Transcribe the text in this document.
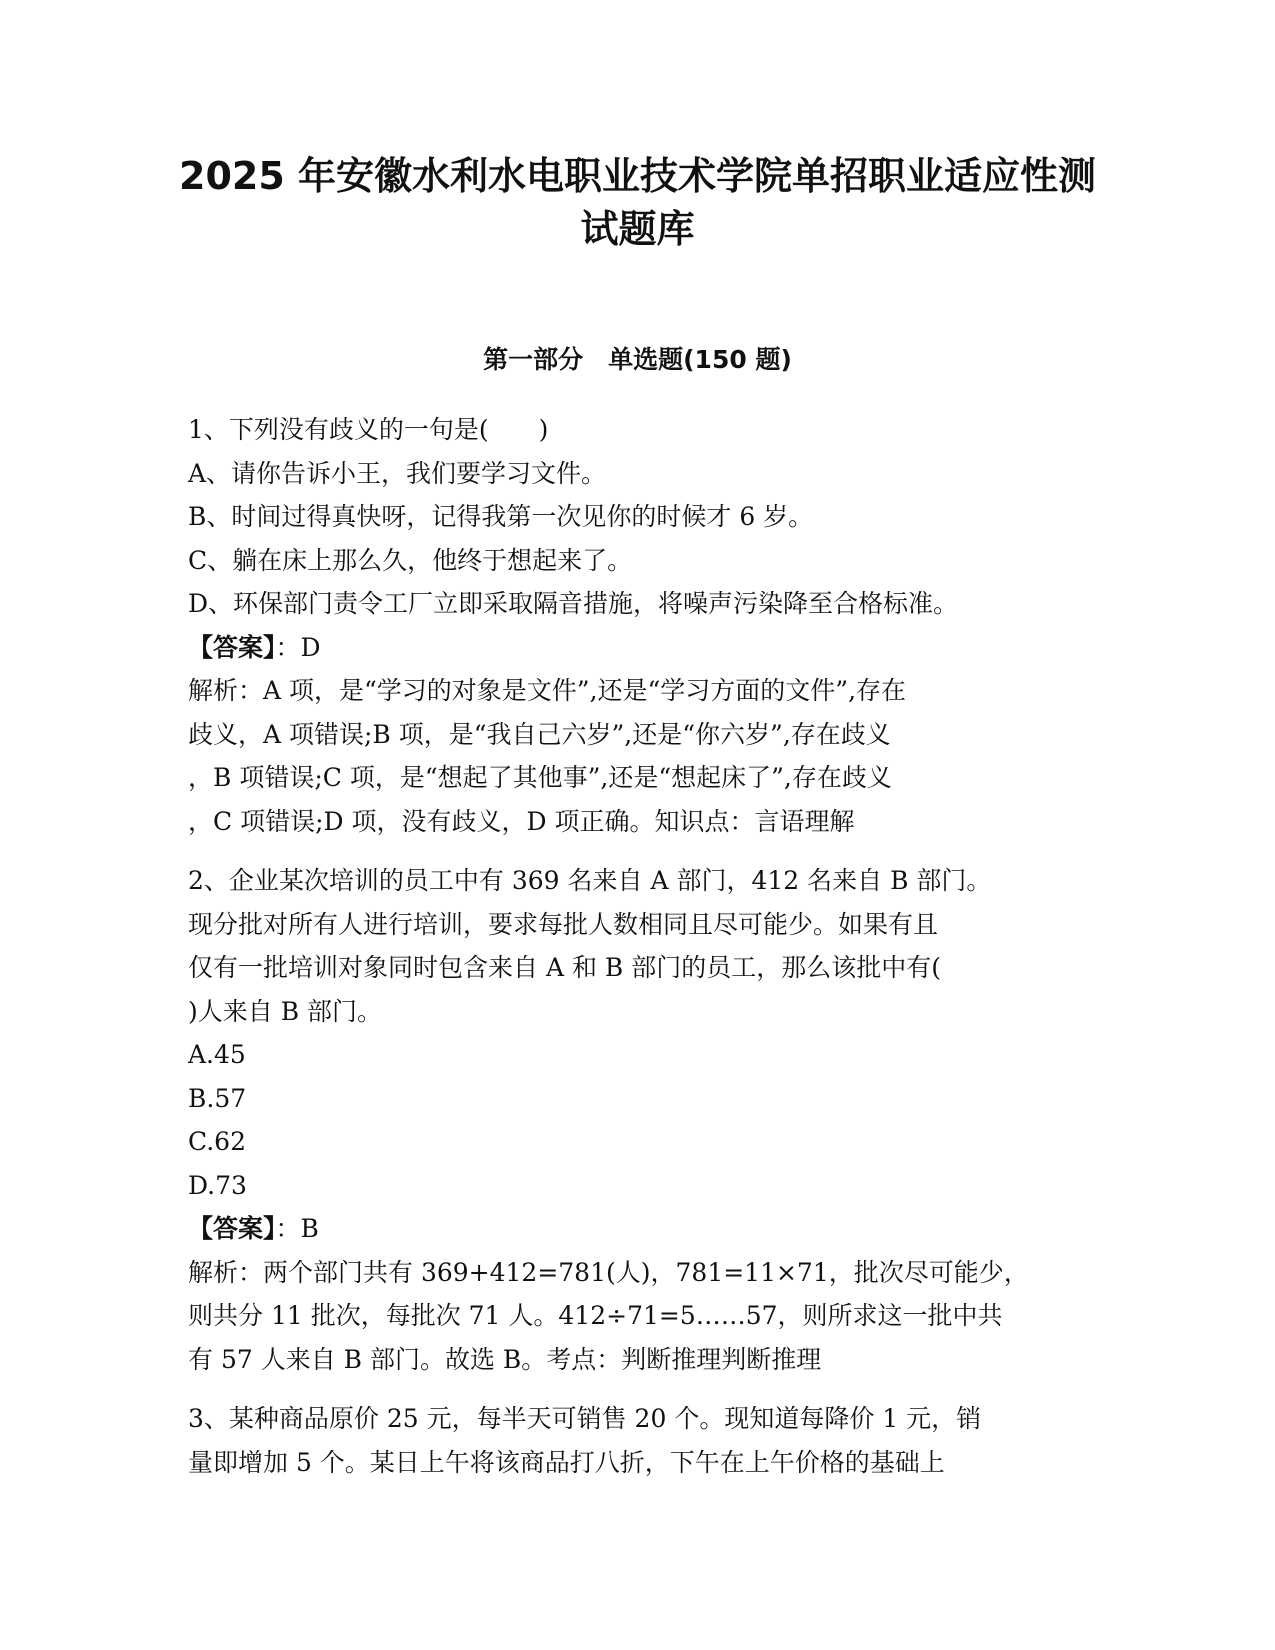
2025 年安徽水利水电职业技术学院单招职业适应性测
试题库
第一部分　单选题(150 题)
1、下列没有歧义的一句是(　　)
A、请你告诉小王，我们要学习文件。
B、时间过得真快呀，记得我第一次见你的时候才 6 岁。
C、躺在床上那么久，他终于想起来了。
D、环保部门责令工厂立即采取隔音措施，将噪声污染降至合格标准。
【答案】：D
解析：A 项，是“学习的对象是文件”,还是“学习方面的文件”,存在
歧义，A 项错误;B 项，是“我自己六岁”,还是“你六岁”,存在歧义
，B 项错误;C 项，是“想起了其他事”,还是“想起床了”,存在歧义
，C 项错误;D 项，没有歧义，D 项正确。知识点：言语理解
2、企业某次培训的员工中有 369 名来自 A 部门，412 名来自 B 部门。
现分批对所有人进行培训，要求每批人数相同且尽可能少。如果有且
仅有一批培训对象同时包含来自 A 和 B 部门的员工，那么该批中有(
)人来自 B 部门。
A.45
B.57
C.62
D.73
【答案】：B
解析：两个部门共有 369+412=781(人)，781=11×71，批次尽可能少，
则共分 11 批次，每批次 71 人。412÷71=5……57，则所求这一批中共
有 57 人来自 B 部门。故选 B。考点：判断推理判断推理
3、某种商品原价 25 元，每半天可销售 20 个。现知道每降价 1 元，销
量即增加 5 个。某日上午将该商品打八折，下午在上午价格的基础上
